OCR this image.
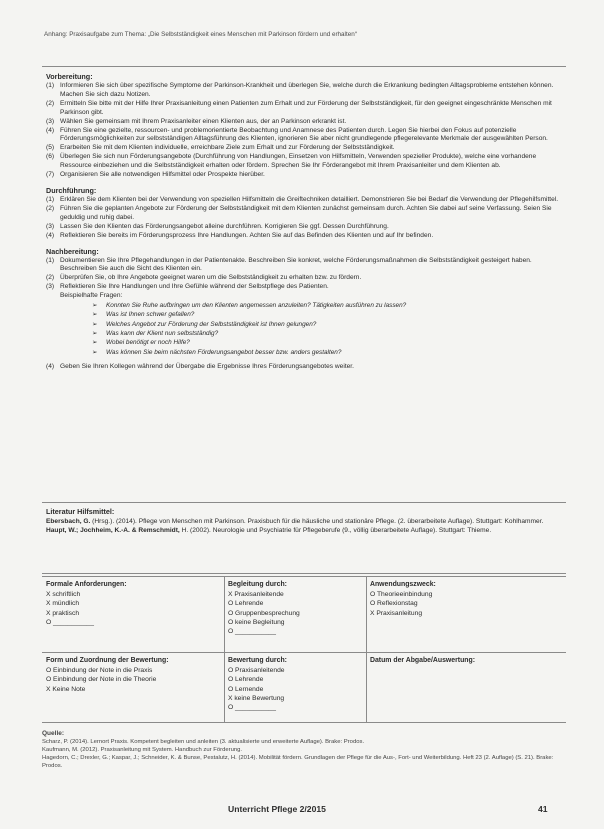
Anhang: Praxisaufgabe zum Thema: „Die Selbstständigkeit eines Menschen mit Parkinson fördern und erhalten“
Vorbereitung:
(1) Informieren Sie sich über spezifische Symptome der Parkinson-Krankheit und überlegen Sie, welche durch die Erkrankung bedingten Alltagsprobleme entstehen können. Machen Sie sich dazu Notizen.
(2) Ermitteln Sie bitte mit der Hilfe Ihrer Praxisanleitung einen Patienten zum Erhalt und zur Förderung der Selbstständigkeit, für den geeignet eingeschränkte Menschen mit Parkinson gibt.
(3) Wählen Sie gemeinsam mit Ihrem Praxisanleiter einen Klienten aus, der an Parkinson erkrankt ist.
(4) Führen Sie eine gezielte, ressourcen- und problemorientierte Beobachtung und Anamnese des Patienten durch. Legen Sie hierbei den Fokus auf potenzielle Förderungsmöglichkeiten zur selbstständigen Alltagsführung des Klienten, ignorieren Sie aber nicht grundlegende pflegerelevante Merkmale der ausgewählten Person.
(5) Erarbeiten Sie mit dem Klienten individuelle, erreichbare Ziele zum Erhalt und zur Förderung der Selbstständigkeit.
(6) Überlegen Sie sich nun Förderungsangebote (Durchführung von Handlungen, Einsetzen von Hilfsmitteln, Verwenden spezieller Produkte), welche eine vorhandene Ressource einbeziehen und die Selbstständigkeit erhalten oder fördern. Sprechen Sie Ihr Förderangebot mit Ihrem Praxisanleiter und dem Klienten ab.
(7) Organisieren Sie alle notwendigen Hilfsmittel oder Prospekte hierüber.
Durchführung:
(1) Erklären Sie dem Klienten bei der Verwendung von speziellen Hilfsmitteln die Greiftechniken detailliert. Demonstrieren Sie bei Bedarf die Verwendung der Pflegehilfsmittel.
(2) Führen Sie die geplanten Angebote zur Förderung der Selbstständigkeit mit dem Klienten zunächst gemeinsam durch. Achten Sie dabei auf seine Verfassung. Seien Sie geduldig und ruhig dabei.
(3) Lassen Sie den Klienten das Förderungsangebot alleine durchführen. Korrigieren Sie ggf. Dessen Durchführung.
(4) Reflektieren Sie bereits im Förderungsprozess Ihre Handlungen. Achten Sie auf das Befinden des Klienten und auf Ihr befinden.
Nachbereitung:
(1) Dokumentieren Sie Ihre Pflegehandlungen in der Patientenakte. Beschreiben Sie konkret, welche Förderungsmaßnahmen die Selbstständigkeit gesteigert haben. Beschreiben Sie auch die Sicht des Klienten ein.
(2) Überprüfen Sie, ob Ihre Angebote geeignet waren um die Selbstständigkeit zu erhalten bzw. zu fördern.
(3) Reflektieren Sie Ihre Handlungen und Ihre Gefühle während der Selbstpflege des Patienten.
Beispielhafte Fragen:
➢	Konnten Sie Ruhe aufbringen um den Klienten angemessen anzuleiten? Tätigkeiten ausführen zu lassen?
➢	Was ist Ihnen schwer gefallen?
➢	Welches Angebot zur Förderung der Selbstständigkeit ist Ihnen gelungen?
➢	Was kann der Klient nun selbstständig?
➢	Wobei benötigt er noch Hilfe?
➢	Was können Sie beim nächsten Förderungsangebot besser bzw. anders gestalten?
(4) Geben Sie Ihren Kollegen während der Übergabe die Ergebnisse Ihres Förderungsangebotes weiter.
Literatur Hilfsmittel:
Ebersbach, G. (Hrsg.). (2014). Pflege von Menschen mit Parkinson. Praxisbuch für die häusliche und stationäre Pflege. (2. überarbeitete Auflage). Stuttgart: Kohlhammer.
Haupt, W.; Jochheim, K.-A. & Remschmidt, H. (2002). Neurologie und Psychiatrie für Pflegeberufe (9., völlig überarbeitete Auflage). Stuttgart: Thieme.
Formale Anforderungen:
X schriftlich
X mündlich
X praktisch
O ___________
Begleitung durch:
X Praxisanleitende
O Lehrende
O Gruppenbesprechung
O keine Begleitung
O ___________
Anwendungszweck:
O Theorieeinbindung
O Reflexionstag
X Praxisanleitung
Form und Zuordnung der Bewertung:
O Einbindung der Note in die Praxis
O Einbindung der Note in die Theorie
X Keine Note
Bewertung durch:
O Praxisanleitende
O Lehrende
O Lernende
X keine Bewertung
O ___________
Datum der Abgabe/Auswertung:
Quelle:
Scharz, P. (2014). Lernort Praxis. Kompetent begleiten und anleiten (3. aktualisierte und erweiterte Auflage). Brake: Prodos.
Kaufmann, M. (2012). Praxisanleitung mit System. Handbuch zur Förderung.
Hagedorn, C.; Drexler, G.; Kaspar, J.; Schneider, K. & Bunse, Pestalutz, H. (2014). Mobilität fördern. Grundlagen der Pflege für die Aus-, Fort- und Weiterbildung. Heft 23 (2. Auflage) (S. 21). Brake: Prodos.
Unterricht Pflege 2/2015	41
